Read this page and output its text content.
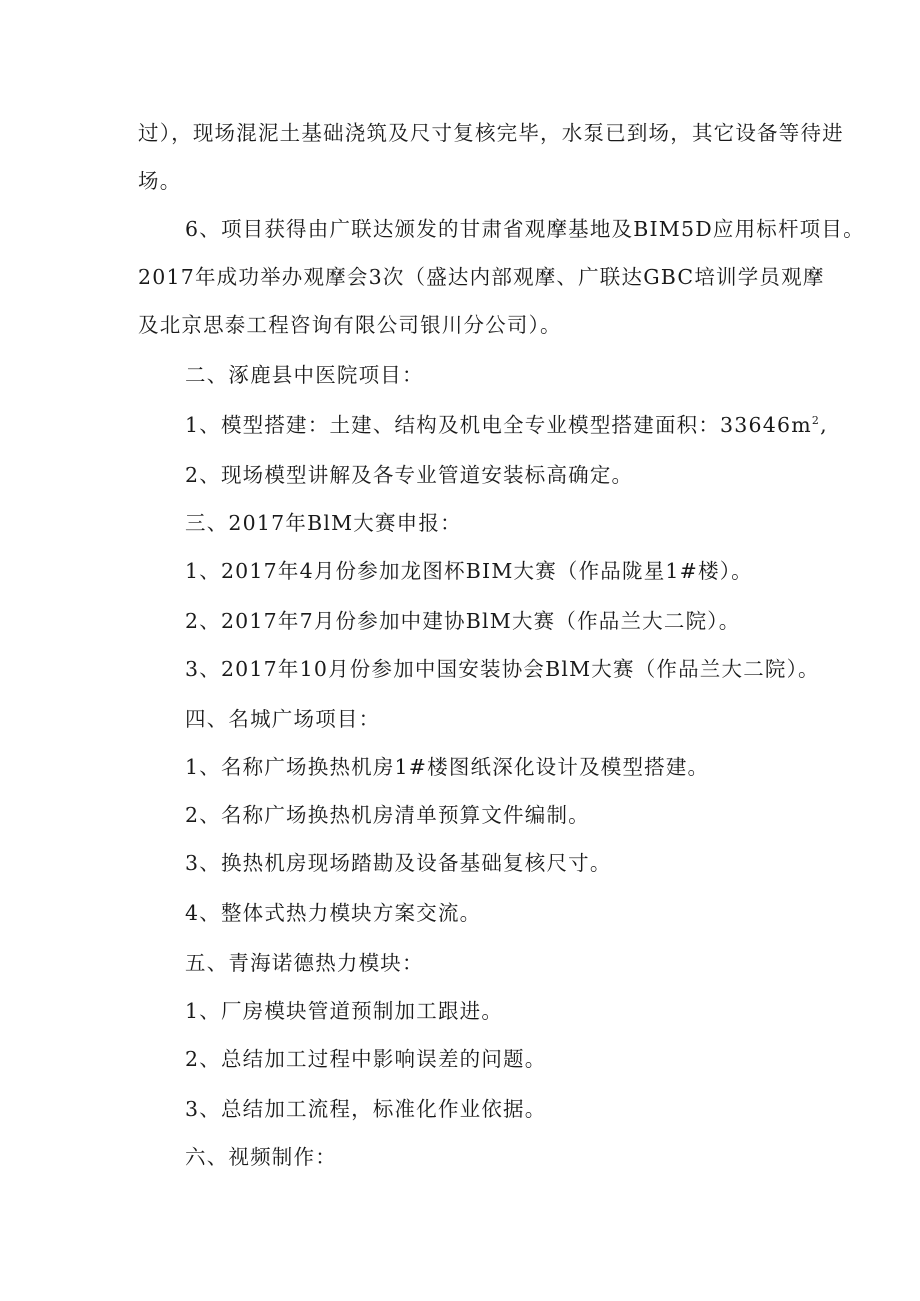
过），现场混泥土基础浇筑及尺寸复核完毕，水泵已到场，其它设备等待进
场。
6、项目获得由广联达颁发的甘肃省观摩基地及BIM5D应用标杆项目。
2017年成功举办观摩会3次（盛达内部观摩、广联达GBC培训学员观摩
及北京思泰工程咨询有限公司银川分公司）。
二、涿鹿县中医院项目：
1、模型搭建：土建、结构及机电全专业模型搭建面积：$33646m^2$,
2、现场模型讲解及各专业管道安装标高确定。
三、2017年BlM大赛申报：
1、2017年4月份参加龙图杯BIM大赛（作品陇星1#楼）。
2、2017年7月份参加中建协BlM大赛（作品兰大二院）。
3、2017年10月份参加中国安装协会BlM大赛（作品兰大二院）。
四、名城广场项目：
1、名称广场换热机房1#楼图纸深化设计及模型搭建。
2、名称广场换热机房清单预算文件编制。
3、换热机房现场踏勘及设备基础复核尺寸。
4、整体式热力模块方案交流。
五、青海诺德热力模块：
1、厂房模块管道预制加工跟进。
2、总结加工过程中影响误差的问题。
3、总结加工流程，标准化作业依据。
六、视频制作：
